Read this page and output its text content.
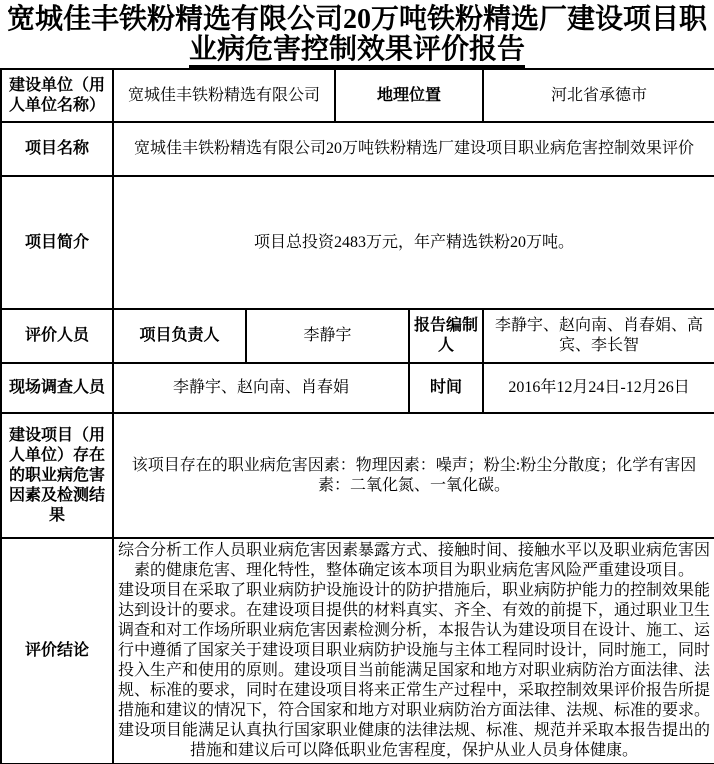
宽城佳丰铁粉精选有限公司20万吨铁粉精选厂建设项目职
业病危害控制效果评价报告
建设单位（用人单位名称）	宽城佳丰铁粉精选有限公司		地理位置		河北省承德市
项目名称	宽城佳丰铁粉精选有限公司20万吨铁粉精选厂建设项目职业病危害控制效果评价				
项目简介	项目总投资2483万元，年产精选铁粉20万吨。				
评价人员	项目负责人	李静宇		报告编制人	李静宇、赵向南、肖春娟、高宾、李长智
现场调查人员	李静宇、赵向南、肖春娟			时间	2016年12月24日-12月26日
建设项目（用人单位）存在的职业病危害因素及检测结果	该项目存在的职业病危害因素：物理因素：噪声；粉尘:粉尘分散度；化学有害因素：二氧化氮、一氧化碳。				
评价结论	综合分析工作人员职业病危害因素暴露方式、接触时间、接触水平以及职业病危害因素的健康危害、理化特性，整体确定该本项目为职业病危害风险严重建设项目。
建设项目在采取了职业病防护设施设计的防护措施后，职业病防护能力的控制效果能达到设计的要求。在建设项目提供的材料真实、齐全、有效的前提下，通过职业卫生调查和对工作场所职业病危害因素检测分析，本报告认为建设项目在设计、施工、运行中遵循了国家关于建设项目职业病防护设施与主体工程同时设计，同时施工，同时投入生产和使用的原则。建设项目当前能满足国家和地方对职业病防治方面法律、法规、标准的要求，同时在建设项目将来正常生产过程中，采取控制效果评价报告所提措施和建议的情况下，符合国家和地方对职业病防治方面法律、法规、标准的要求。
建设项目能满足认真执行国家职业健康的法律法规、标准、规范并采取本报告提出的措施和建议后可以降低职业危害程度，保护从业人员身体健康。				
